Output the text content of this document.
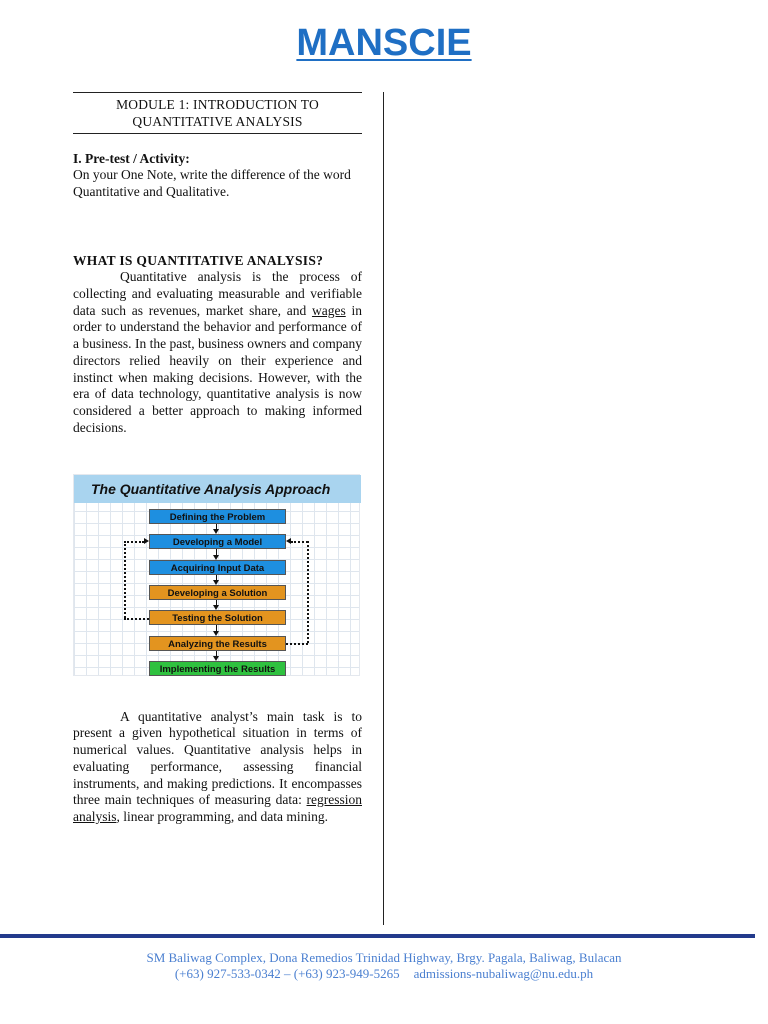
MANSCIE
MODULE 1: INTRODUCTION TO
QUANTITATIVE ANALYSIS
I. Pre-test / Activity:
On your One Note, write the difference of the word Quantitative and Qualitative.
WHAT IS QUANTITATIVE ANALYSIS?

Quantitative analysis is the process of collecting and evaluating measurable and verifiable data such as revenues, market share, and wages in order to understand the behavior and performance of a business. In the past, business owners and company directors relied heavily on their experience and instinct when making decisions. However, with the era of data technology, quantitative analysis is now considered a better approach to making informed decisions.

The Quantitative Analysis Approach
Defining the Problem
Developing a Model
Acquiring Input Data
Developing a Solution
Testing the Solution
Analyzing the Results
Implementing the Results

A quantitative analyst’s main task is to present a given hypothetical situation in terms of numerical values. Quantitative analysis helps in evaluating performance, assessing financial instruments, and making predictions. It encompasses three main techniques of measuring data: regression analysis, linear programming, and data mining.

SM Baliwag Complex, Dona Remedios Trinidad Highway, Brgy. Pagala, Baliwag, Bulacan
(+63) 927-533-0342 – (+63) 923-949-5265 admissions-nubaliwag@nu.edu.ph
